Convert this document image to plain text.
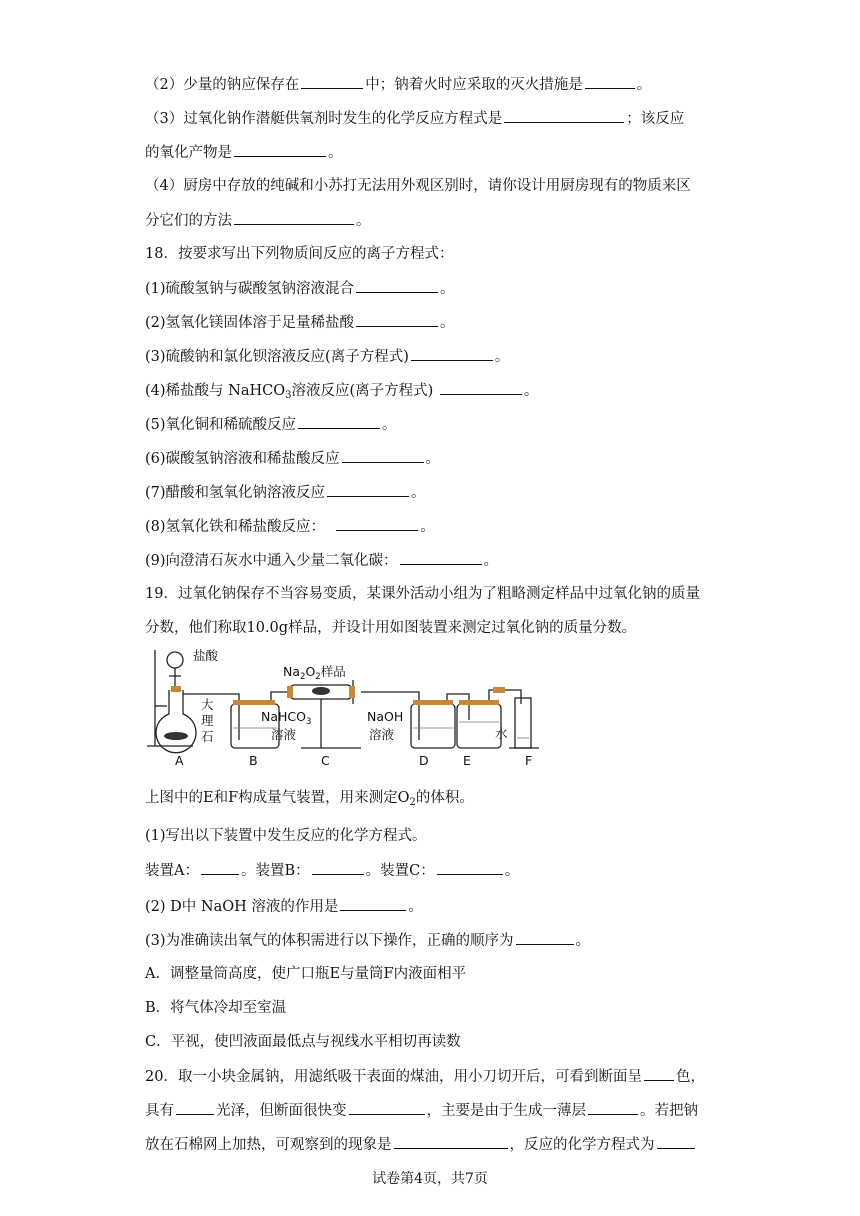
（2）少量的钠应保存在	中；钠着火时应采取的灭火措施是	。
（3）过氧化钠作潜艇供氧剂时发生的化学反应方程式是	；该反应
的氧化产物是	。
（4）厨房中存放的纯碱和小苏打无法用外观区别时，请你设计用厨房现有的物质来区
分它们的方法	。
18．按要求写出下列物质间反应的离子方程式：
(1)硫酸氢钠与碳酸氢钠溶液混合	。
(2)氢氧化镁固体溶于足量稀盐酸	。
(3)硫酸钠和氯化钡溶液反应(离子方程式)	。
(4)稀盐酸与 NaHCO$_3$溶液反应(离子方程式)	。
(5)氧化铜和稀硫酸反应	。
(6)碳酸氢钠溶液和稀盐酸反应	。
(7)醋酸和氢氧化钠溶液反应	。
(8)氢氧化铁和稀盐酸反应：	。
(9)向澄清石灰水中通入少量二氧化碳：	。
19．过氧化钠保存不当容易变质，某课外活动小组为了粗略测定样品中过氧化钠的质量
分数，他们称取10.0g样品，并设计用如图装置来测定过氧化钠的质量分数。
盐酸
大
理
石
$Na_2O_2$样品
NaHCO$_3$
溶液
NaOH
溶液	水
A	B	C	D	E	F
上图中的E和F构成量气装置，用来测定$O_2$的体积。
(1)写出以下装置中发生反应的化学方程式。
装置A：	。装置B：	。装置C：	。
(2) D中 NaOH 溶液的作用是	。
(3)为准确读出氧气的体积需进行以下操作，正确的顺序为	。
A．调整量筒高度，使广口瓶E与量筒F内液面相平
B．将气体冷却至室温
C．平视，使凹液面最低点与视线水平相切再读数
20．取一小块金属钠，用滤纸吸干表面的煤油，用小刀切开后，可看到断面呈 色，
具有	光泽，但断面很快变	，主要是由于生成一薄层	。若把钠
放在石棉网上加热，可观察到的现象是	，反应的化学方程式为
试卷第4页，共7页
